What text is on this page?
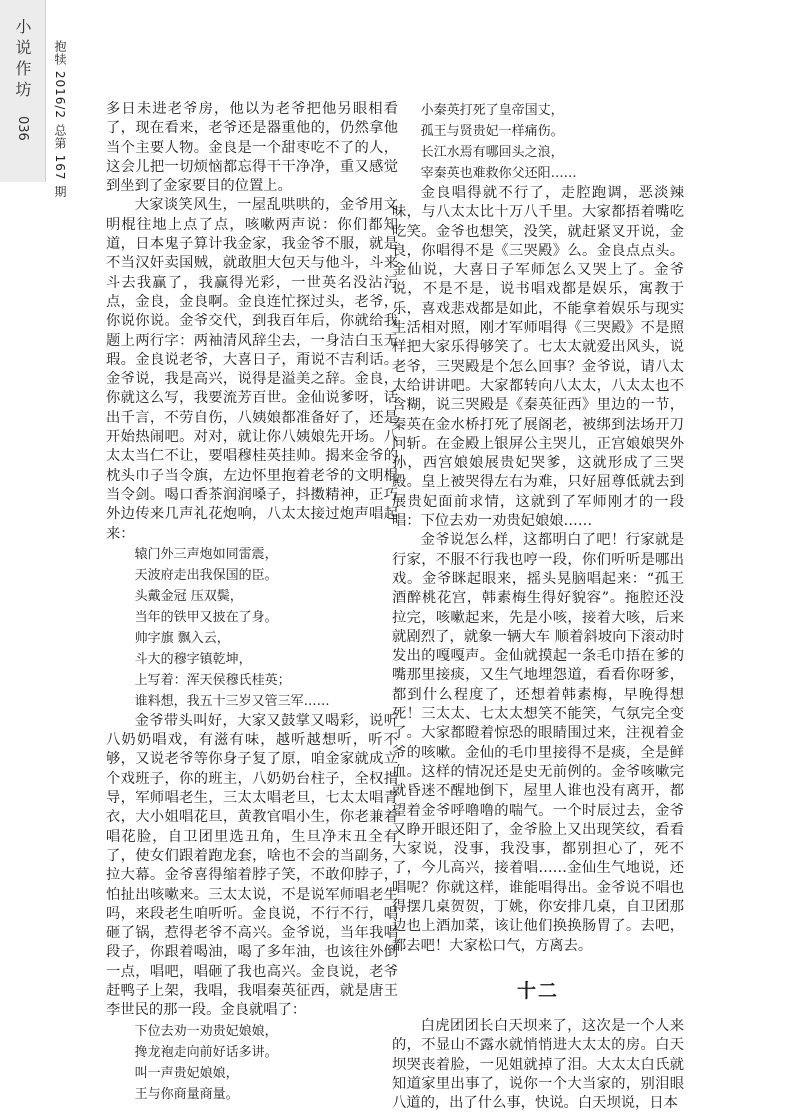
小说作坊
036 抱犊 2016/2 总第 167 期	多日未进老爷房，他以为老爷把他另眼相看了，现在看来，老爷还是器重他的，仍然拿他当个主要人物。金良是一个甜枣吃不了的人，这会儿把一切烦恼都忘得干干净净，重又感觉到坐到了金家要目的位置上。

大家谈笑风生，一屋乱哄哄的，金爷用文明棍往地上点了点，咳嗽两声说：你们都知道，日本鬼子算计我金家，我金爷不服，就是不当汉奸卖国贼，就敢胆大包天与他斗，斗来斗去我赢了，我赢得光彩，一世英名没沾污点，金良，金良啊。金良连忙探过头，老爷，你说你说。金爷交代，到我百年后，你就给我题上两行字：两袖清风辞尘去，一身洁白玉无瑕。金良说老爷，大喜日子，甭说不吉利话。金爷说，我是高兴，说得是溢美之辞。金良，你就这么写，我要流芳百世。金仙说爹呀，话出千言，不劳自伤，八姨娘都准备好了，还是开始热闹吧。对对，就让你八姨娘先开场。八太太当仁不让，要唱穆桂英挂帅。揭来金爷的枕头巾子当令旗，左边怀里抱着老爷的文明棍当令剑。喝口香茶润润嗓子，抖擞精神，正巧外边传来几声礼花炮响，八太太接过炮声唱起来：

辕门外三声炮如同雷震，
天波府走出我保国的臣。
头戴金冠 压双鬓，
当年的铁甲又披在了身。
帅字旗 飘入云，
斗大的穆字镇乾坤，
上写着：浑天侯穆氏桂英；
谁料想，我五十三岁又管三军……

金爷带头叫好，大家又鼓掌又喝彩，说听八奶奶唱戏，有滋有味，越听越想听，听不够，又说老爷等你身子复了原，咱金家就成立个戏班子，你的班主，八奶奶台柱子，全权指导，军师唱老生，三太太唱老旦，七太太唱青衣，大小姐唱花旦，黄教官唱小生，你老兼着唱花脸，自卫团里选丑角，生旦净末丑全有了，使女们跟着跑龙套，啥也不会的当副务，拉大幕。金爷喜得缩着脖子笑，不敢仰脖子，怕扯出咳嗽来。三太太说，不是说军师唱老生吗，来段老生咱听听。金良说，不行不行，唱砸了锅，惹得老爷不高兴。金爷说，当年我唱段子，你跟着喝油，喝了多年油，也该往外倒一点，唱吧，唱砸了我也高兴。金良说，老爷赶鸭子上架，我唱，我唱秦英征西，就是唐王李世民的那一段。金良就唱了：

下位去劝一劝贵妃娘娘，
搀龙袍走向前好话多讲。
叫一声贵妃娘娘，
王与你商量商量。
小秦英打死了皇帝国丈，
孤王与贤贵妃一样痛伤。
长江水焉有哪回头之浪，
宰秦英也难救你父还阳……

金良唱得就不行了，走腔跑调，恶淡辣味，与八太太比十万八千里。大家都捂着嘴吃吃笑。金爷也想笑，没笑，就赶紧叉开说，金良，你唱得不是《三哭殿》么。金良点点头。金仙说，大喜日子军师怎么又哭上了。金爷说，不是不是，说书唱戏都是娱乐，寓教于乐，喜戏悲戏都是如此，不能拿着娱乐与现实生活相对照，刚才军师唱得《三哭殿》不是照样把大家乐得够笑了。七太太就爱出风头，说老爷，三哭殿是个怎么回事？金爷说，请八太太给讲讲吧。大家都转向八太太，八太太也不含糊，说三哭殿是《秦英征西》里边的一节，秦英在金水桥打死了展阁老，被绑到法场开刀问斩。在金殿上银屏公主哭儿，正宫娘娘哭外孙，西宫娘娘展贵妃哭爹，这就形成了三哭殿。皇上被哭得左右为难，只好屈尊低就去到展贵妃面前求情，这就到了军师刚才的一段唱：下位去劝一劝贵妃娘娘……

金爷说怎么样，这都明白了吧！行家就是行家，不服不行我也哼一段，你们听听是哪出戏。金爷眯起眼来，摇头晃脑唱起来：“孤王酒醉桃花宫，韩素梅生得好貌容”。拖腔还没拉完，咳嗽起来，先是小咳，接着大咳，后来就剧烈了，就象一辆大车 顺着斜坡向下滚动时发出的嘎嘎声。金仙就摸起一条毛巾捂在爹的嘴那里接痰，又生气地埋怨道，看看你呀爹，都到什么程度了，还想着韩素梅，早晚得想死！三太太、七太太想笑不能笑，气氛完全变了。大家都瞪着惊恐的眼睛围过来，注视着金爷的咳嗽。金仙的毛巾里接得不是痰，全是鲜血。这样的情况还是史无前例的。金爷咳嗽完就昏迷不醒地倒下，屋里人谁也没有离开，都望着金爷呼噜噜的喘气。一个时辰过去，金爷又睁开眼还阳了，金爷脸上又出现笑纹，看看大家说，没事，我没事，都别担心了，死不了，今儿高兴，接着唱……金仙生气地说，还唱呢？你就这样，谁能唱得出。金爷说不唱也得摆几桌贺贺，丁姚，你安排几桌，自卫团那边也上酒加菜，该让他们换换肠胃了。去吧，都去吧！大家松口气，方离去。

十二

白虎团团长白天坝来了，这次是一个人来的，不显山不露水就悄悄进大太太的房。白天坝哭丧着脸，一见姐就掉了泪。大太太白氏就知道家里出事了，说你一个大当家的，别泪眼八道的，出了什么事，快说。白天坝说，日本
